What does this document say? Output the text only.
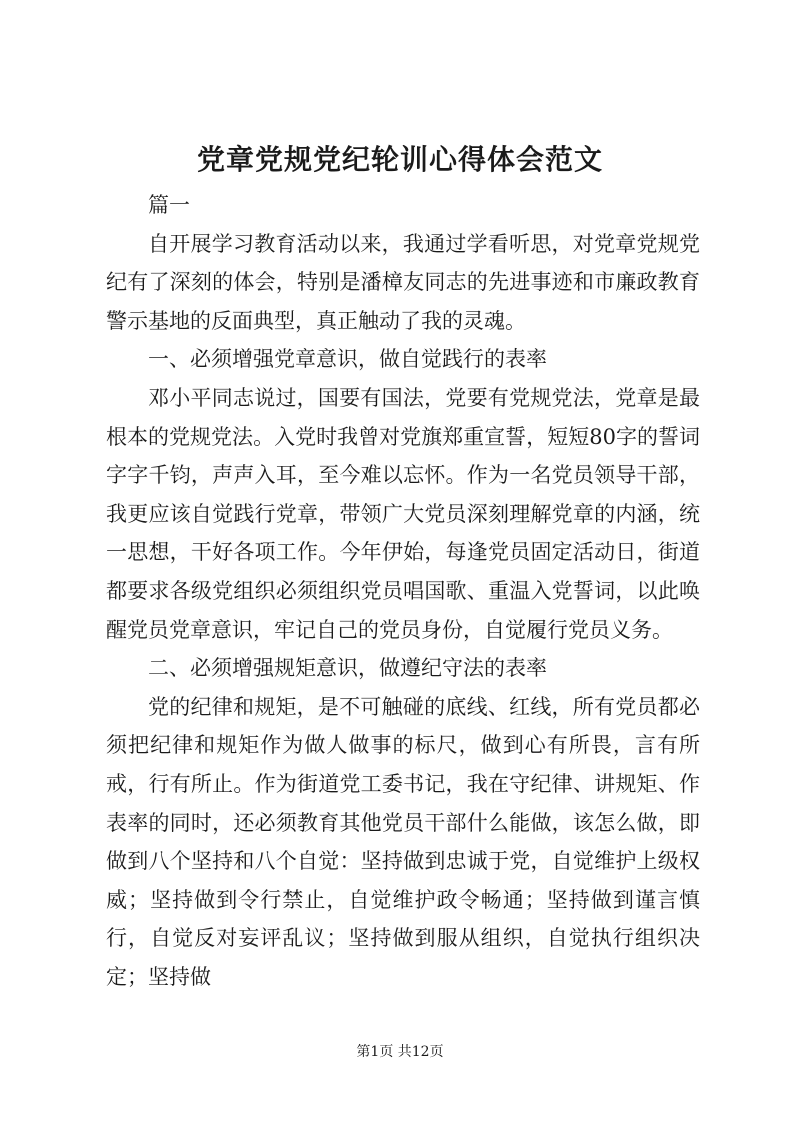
党章党规党纪轮训心得体会范文

篇一

自开展学习教育活动以来，我通过学看听思，对党章党规党纪有了深刻的体会，特别是潘樟友同志的先进事迹和市廉政教育警示基地的反面典型，真正触动了我的灵魂。

一、必须增强党章意识，做自觉践行的表率

邓小平同志说过，国要有国法，党要有党规党法，党章是最根本的党规党法。入党时我曾对党旗郑重宣誓，短短80字的誓词字字千钧，声声入耳，至今难以忘怀。作为一名党员领导干部，我更应该自觉践行党章，带领广大党员深刻理解党章的内涵，统一思想，干好各项工作。今年伊始，每逢党员固定活动日，街道都要求各级党组织必须组织党员唱国歌、重温入党誓词，以此唤醒党员党章意识，牢记自己的党员身份，自觉履行党员义务。

二、必须增强规矩意识，做遵纪守法的表率

党的纪律和规矩，是不可触碰的底线、红线，所有党员都必须把纪律和规矩作为做人做事的标尺，做到心有所畏，言有所戒，行有所止。作为街道党工委书记，我在守纪律、讲规矩、作表率的同时，还必须教育其他党员干部什么能做，该怎么做，即做到八个坚持和八个自觉：坚持做到忠诚于党，自觉维护上级权威；坚持做到令行禁止，自觉维护政令畅通；坚持做到谨言慎行，自觉反对妄评乱议；坚持做到服从组织，自觉执行组织决定；坚持做

第1页 共12页
